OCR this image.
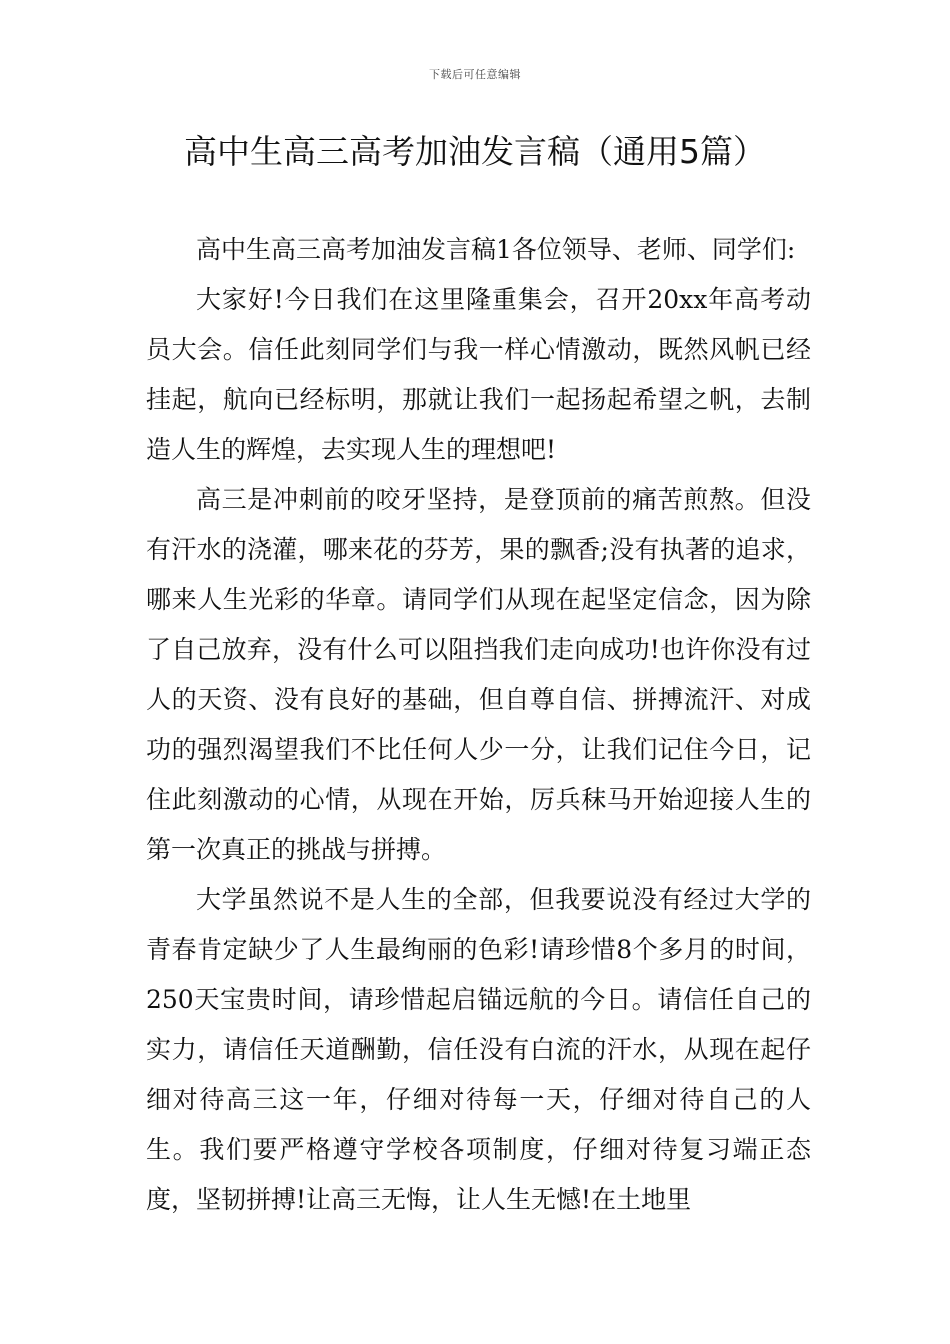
下载后可任意编辑
高中生高三高考加油发言稿（通用5篇）

高中生高三高考加油发言稿1各位领导、老师、同学们:

大家好!今日我们在这里隆重集会，召开20xx年高考动员大会。信任此刻同学们与我一样心情激动，既然风帆已经挂起，航向已经标明，那就让我们一起扬起希望之帆，去制造人生的辉煌，去实现人生的理想吧!

高三是冲刺前的咬牙坚持，是登顶前的痛苦煎熬。但没有汗水的浇灌，哪来花的芬芳，果的飘香;没有执著的追求，哪来人生光彩的华章。请同学们从现在起坚定信念，因为除了自己放弃，没有什么可以阻挡我们走向成功!也许你没有过人的天资、没有良好的基础，但自尊自信、拼搏流汗、对成功的强烈渴望我们不比任何人少一分，让我们记住今日，记住此刻激动的心情，从现在开始，厉兵秣马开始迎接人生的第一次真正的挑战与拼搏。

大学虽然说不是人生的全部，但我要说没有经过大学的青春肯定缺少了人生最绚丽的色彩!请珍惜8个多月的时间，250天宝贵时间，请珍惜起启锚远航的今日。请信任自己的实力，请信任天道酬勤，信任没有白流的汗水，从现在起仔细对待高三这一年，仔细对待每一天，仔细对待自己的人生。我们要严格遵守学校各项制度，仔细对待复习端正态度，坚韧拼搏!让高三无悔，让人生无憾!在土地里
